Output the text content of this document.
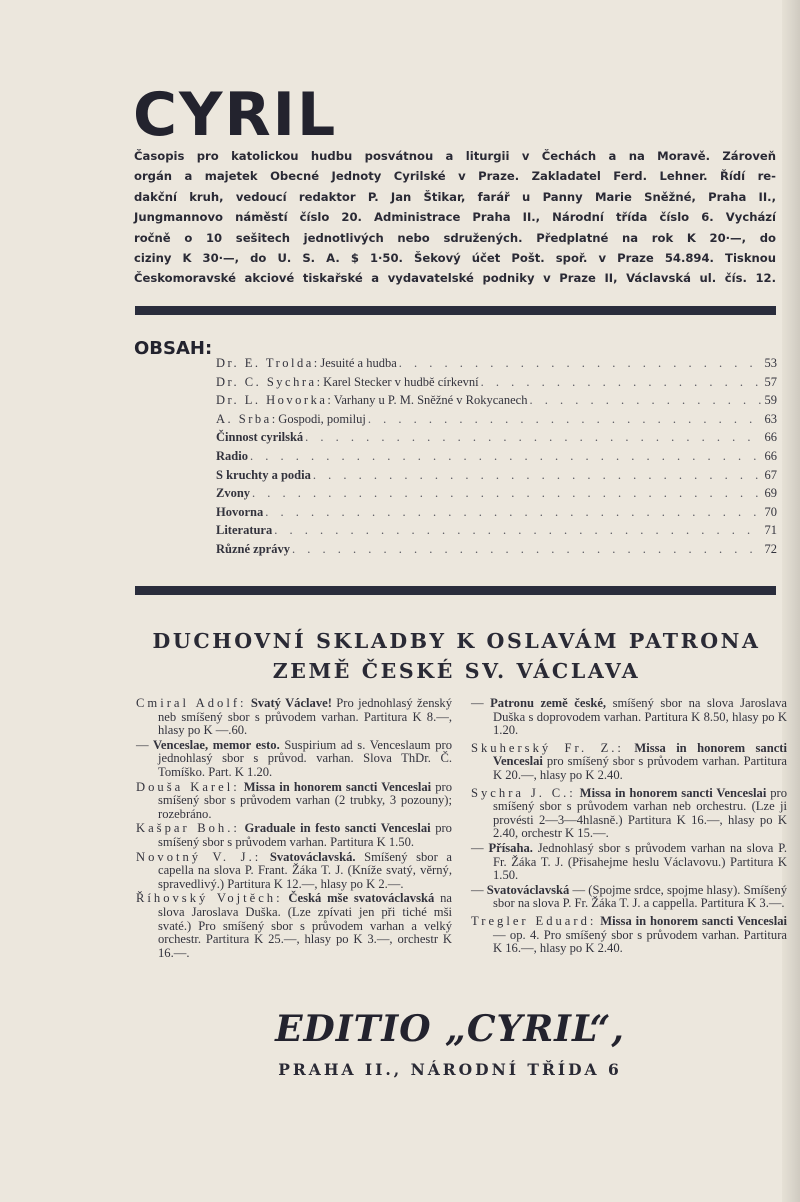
CYRIL
Časopis pro katolickou hudbu posvátnou a liturgii v Čechách a na Moravě. Zároveň
orgán a majetek Obecné Jednoty Cyrilské v Praze. Zakladatel Ferd. Lehner. Řídí re-
dakční kruh, vedoucí redaktor P. Jan Štikar, farář u Panny Marie Sněžné, Praha II.,
Jungmannovo náměstí číslo 20. Administrace Praha II., Národní třída číslo 6. Vychází
ročně o 10 sešitech jednotlivých nebo sdružených. Předplatné na rok K 20·—, do
ciziny K 30·—, do U. S. A. $ 1·50. Šekový účet Pošt. spoř. v Praze 54.894. Tisknou
Českomoravské akciové tiskařské a vydavatelské podniky v Praze II, Václavská ul. čís. 12.
OBSAH:
Dr. E. Trolda: Jesuité a hudba . . .	53
Dr. C. Sychra: Karel Stecker v hudbě církevní . . .	57
Dr. L. Hovorka: Varhany u P. M. Sněžné v Rokycanech . . .	59
A. Srba: Gospodi, pomiluj . . .	63
Činnost cyrilská . . .	66
Radio . . .	66
S kruchty a podia . . .	67
Zvony . . .	69
Hovorna . . .	70
Literatura . . .	71
Různé zprávy . . .	72
DUCHOVNÍ SKLADBY K OSLAVÁM PATRONA
ZEMĚ ČESKÉ SV. VÁCLAVA
Cmiral Adolf: Svatý Václave! Pro jednohlasý ženský neb smíšený sbor s průvodem varhan. Partitura K 8.—, hlasy po K —.60.
— Venceslae, memor esto. Suspirium ad s. Venceslaum pro jednohlasý sbor s průvod. varhan. Slova ThDr. Č. Tomíško. Part. K 1.20.
Douša Karel: Missa in honorem sancti Venceslai pro smíšený sbor s průvodem varhan (2 trubky, 3 pozouny); rozebráno.
Kašpar Boh.: Graduale in festo sancti Venceslai pro smíšený sbor s průvodem varhan. Partitura K 1.50.
Novotný V. J.: Svatováclavská. Smíšený sbor a capella na slova P. Frant. Žáka T. J. (Kníže svatý, věrný, spravedlivý.) Partitura K 12.—, hlasy po K 2.—.
Říhovský Vojtěch: Česká mše svatováclavská na slova Jaroslava Duška. (Lze zpívati jen při tiché mši svaté.) Pro smíšený sbor s průvodem varhan a velký orchestr. Partitura K 25.—, hlasy po K 3.—, orchestr K 16.—.
— Patronu země české, smíšený sbor na slova Jaroslava Duška s doprovodem varhan. Partitura K 8.50, hlasy po K 1.20.
Skuherský Fr. Z.: Missa in honorem sancti Venceslai pro smíšený sbor s průvodem varhan. Partitura K 20.—, hlasy po K 2.40.
Sychra J. C.: Missa in honorem sancti Venceslai pro smíšený sbor s průvodem varhan neb orchestru. (Lze ji provésti 2—3—4hlasně.) Partitura K 16.—, hlasy po K 2.40, orchestr K 15.—.
— Přísaha. Jednohlasý sbor s průvodem varhan na slova P. Fr. Žáka T. J. (Přisahejme heslu Václavovu.) Partitura K 1.50.
— Svatováclavská — (Spojme srdce, spojme hlasy). Smíšený sbor na slova P. Fr. Žáka T. J. a cappella. Partitura K 3.—.
Tregler Eduard: Missa in honorem sancti Venceslai — op. 4. Pro smíšený sbor s průvodem varhan. Partitura K 16.—, hlasy po K 2.40.
EDITIO „CYRIL“,
PRAHA II., NÁRODNÍ TŘÍDA 6
